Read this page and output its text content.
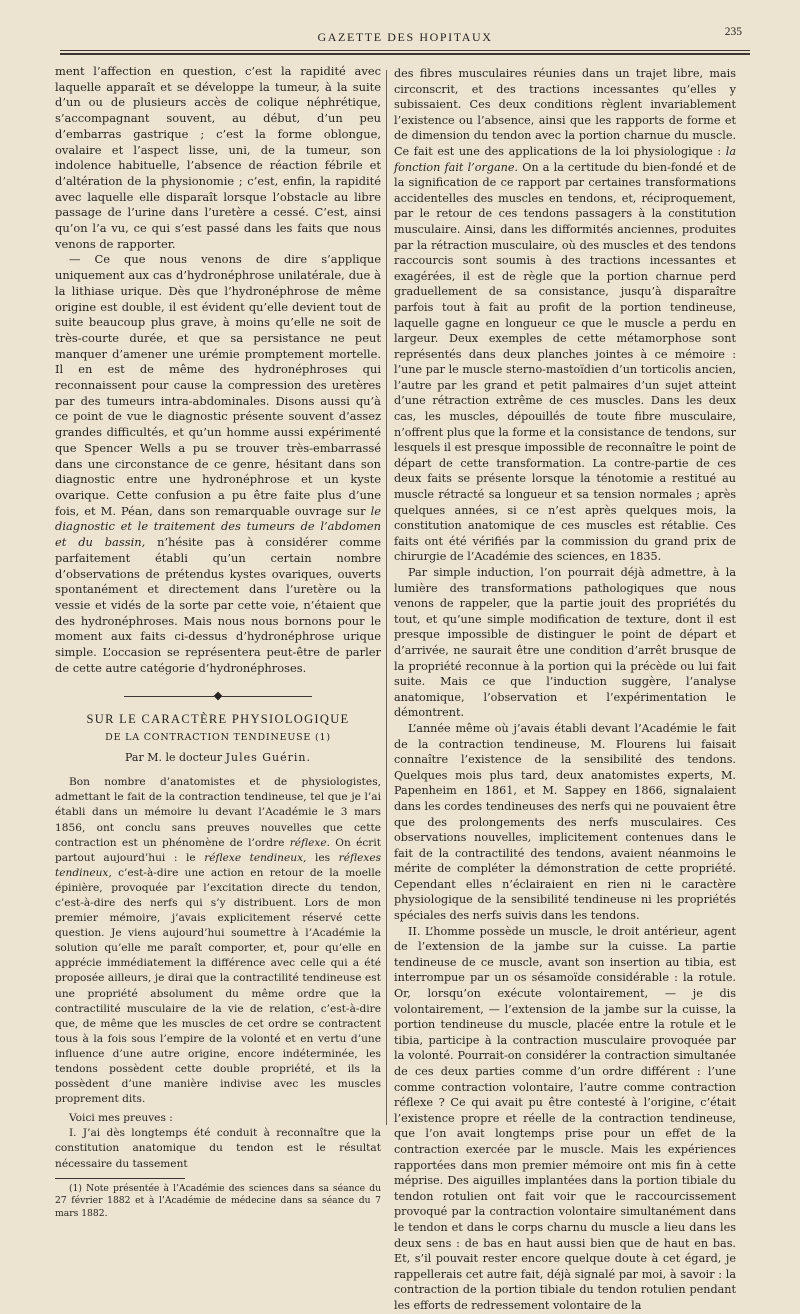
GAZETTE DES HOPITAUX	235

ment l’affection en question, c’est la rapidité avec laquelle apparaît et se développe la tumeur, à la suite d’un ou de plusieurs accès de colique néphrétique, s’accompagnant souvent, au début, d’un peu d’embarras gastrique ; c’est la forme oblongue, ovalaire et l’aspect lisse, uni, de la tumeur, son indolence habituelle, l’absence de réaction fébrile et d’altération de la physionomie ; c’est, enfin, la rapidité avec laquelle elle disparaît lorsque l’obstacle au libre passage de l’urine dans l’uretère a cessé. C’est, ainsi qu’on l’a vu, ce qui s’est passé dans les faits que nous venons de rapporter.

— Ce que nous venons de dire s’applique uniquement aux cas d’hydronéphrose unilatérale, due à la lithiase urique. Dès que l’hydronéphrose de même origine est double, il est évident qu’elle devient tout de suite beaucoup plus grave, à moins qu’elle ne soit de très-courte durée, et que sa persistance ne peut manquer d’amener une urémie promptement mortelle. Il en est de même des hydronéphroses qui reconnaissent pour cause la compression des uretères par des tumeurs intra-abdominales. Disons aussi qu’à ce point de vue le diagnostic présente souvent d’assez grandes difficultés, et qu’un homme aussi expérimenté que Spencer Wells a pu se trouver très-embarrassé dans une circonstance de ce genre, hésitant dans son diagnostic entre une hydronéphrose et un kyste ovarique. Cette confusion a pu être faite plus d’une fois, et M. Péan, dans son remarquable ouvrage sur le diagnostic et le traitement des tumeurs de l’abdomen et du bassin, n’hésite pas à considérer comme parfaitement établi qu’un certain nombre d’observations de prétendus kystes ovariques, ouverts spontanément et directement dans l’uretère ou la vessie et vidés de la sorte par cette voie, n’étaient que des hydronéphroses. Mais nous nous bornons pour le moment aux faits ci-dessus d’hydronéphrose urique simple. L’occasion se représentera peut-être de parler de cette autre catégorie d’hydronéphroses.

◆
SUR LE CARACTÈRE PHYSIOLOGIQUE
DE LA CONTRACTION TENDINEUSE (1)
Par M. le docteur Jules Guérin.

Bon nombre d’anatomistes et de physiologistes, admettant le fait de la contraction tendineuse, tel que je l’ai établi dans un mémoire lu devant l’Académie le 3 mars 1856, ont conclu sans preuves nouvelles que cette contraction est un phénomène de l’ordre réflexe. On écrit partout aujourd’hui : le réflexe tendineux, les réflexes tendineux, c’est-à-dire une action en retour de la moelle épinière, provoquée par l’excitation directe du tendon, c’est-à-dire des nerfs qui s’y distribuent. Lors de mon premier mémoire, j’avais explicitement réservé cette question. Je viens aujourd’hui soumettre à l’Académie la solution qu’elle me paraît comporter, et, pour qu’elle en apprécie immédiatement la différence avec celle qui a été proposée ailleurs, je dirai que la contractilité tendineuse est une propriété absolument du même ordre que la contractilité musculaire de la vie de relation, c’est-à-dire que, de même que les muscles de cet ordre se contractent tous à la fois sous l’empire de la volonté et en vertu d’une influence d’une autre origine, encore indéterminée, les tendons possèdent cette double propriété, et ils la possèdent d’une manière indivise avec les muscles proprement dits.

Voici mes preuves :

I. J’ai dès longtemps été conduit à reconnaître que la constitution anatomique du tendon est le résultat nécessaire du tassement

(1) Note présentée à l’Académie des sciences dans sa séance du 27 février 1882 et à l’Académie de médecine dans sa séance du 7 mars 1882.

des fibres musculaires réunies dans un trajet libre, mais circonscrit, et des tractions incessantes qu’elles y subissaient. Ces deux conditions règlent invariablement l’existence ou l’absence, ainsi que les rapports de forme et de dimension du tendon avec la portion charnue du muscle. Ce fait est une des applications de la loi physiologique : la fonction fait l’organe. On a la certitude du bien-fondé et de la signification de ce rapport par certaines transformations accidentelles des muscles en tendons, et, réciproquement, par le retour de ces tendons passagers à la constitution musculaire. Ainsi, dans les difformités anciennes, produites par la rétraction musculaire, où des muscles et des tendons raccourcis sont soumis à des tractions incessantes et exagérées, il est de règle que la portion charnue perd graduellement de sa consistance, jusqu’à disparaître parfois tout à fait au profit de la portion tendineuse, laquelle gagne en longueur ce que le muscle a perdu en largeur. Deux exemples de cette métamorphose sont représentés dans deux planches jointes à ce mémoire : l’une par le muscle sterno-mastoïdien d’un torticolis ancien, l’autre par les grand et petit palmaires d’un sujet atteint d’une rétraction extrême de ces muscles. Dans les deux cas, les muscles, dépouillés de toute fibre musculaire, n’offrent plus que la forme et la consistance de tendons, sur lesquels il est presque impossible de reconnaître le point de départ de cette transformation. La contre-partie de ces deux faits se présente lorsque la ténotomie a restitué au muscle rétracté sa longueur et sa tension normales ; après quelques années, si ce n’est après quelques mois, la constitution anatomique de ces muscles est rétablie. Ces faits ont été vérifiés par la commission du grand prix de chirurgie de l’Académie des sciences, en 1835.

Par simple induction, l’on pourrait déjà admettre, à la lumière des transformations pathologiques que nous venons de rappeler, que la partie jouit des propriétés du tout, et qu’une simple modification de texture, dont il est presque impossible de distinguer le point de départ et d’arrivée, ne saurait être une condition d’arrêt brusque de la propriété reconnue à la portion qui la précède ou lui fait suite. Mais ce que l’induction suggère, l’analyse anatomique, l’observation et l’expérimentation le démontrent.

L’année même où j’avais établi devant l’Académie le fait de la contraction tendineuse, M. Flourens lui faisait connaître l’existence de la sensibilité des tendons. Quelques mois plus tard, deux anatomistes experts, M. Papenheim en 1861, et M. Sappey en 1866, signalaient dans les cordes tendineuses des nerfs qui ne pouvaient être que des prolongements des nerfs musculaires. Ces observations nouvelles, implicitement contenues dans le fait de la contractilité des tendons, avaient néanmoins le mérite de compléter la démonstration de cette propriété. Cependant elles n’éclairaient en rien ni le caractère physiologique de la sensibilité tendineuse ni les propriétés spéciales des nerfs suivis dans les tendons.

II. L’homme possède un muscle, le droit antérieur, agent de l’extension de la jambe sur la cuisse. La partie tendineuse de ce muscle, avant son insertion au tibia, est interrompue par un os sésamoïde considérable : la rotule. Or, lorsqu’on exécute volontairement, — je dis volontairement, — l’extension de la jambe sur la cuisse, la portion tendineuse du muscle, placée entre la rotule et le tibia, participe à la contraction musculaire provoquée par la volonté. Pourrait-on considérer la contraction simultanée de ces deux parties comme d’un ordre différent : l’une comme contraction volontaire, l’autre comme contraction réflexe ? Ce qui avait pu être contesté à l’origine, c’était l’existence propre et réelle de la contraction tendineuse, que l’on avait longtemps prise pour un effet de la contraction exercée par le muscle. Mais les expériences rapportées dans mon premier mémoire ont mis fin à cette méprise. Des aiguilles implantées dans la portion tibiale du tendon rotulien ont fait voir que le raccourcissement provoqué par la contraction volontaire simultanément dans le tendon et dans le corps charnu du muscle a lieu dans les deux sens : de bas en haut aussi bien que de haut en bas. Et, s’il pouvait rester encore quelque doute à cet égard, je rappellerais cet autre fait, déjà signalé par moi, à savoir : la contraction de la portion tibiale du tendon rotulien pendant les efforts de redressement volontaire de la
